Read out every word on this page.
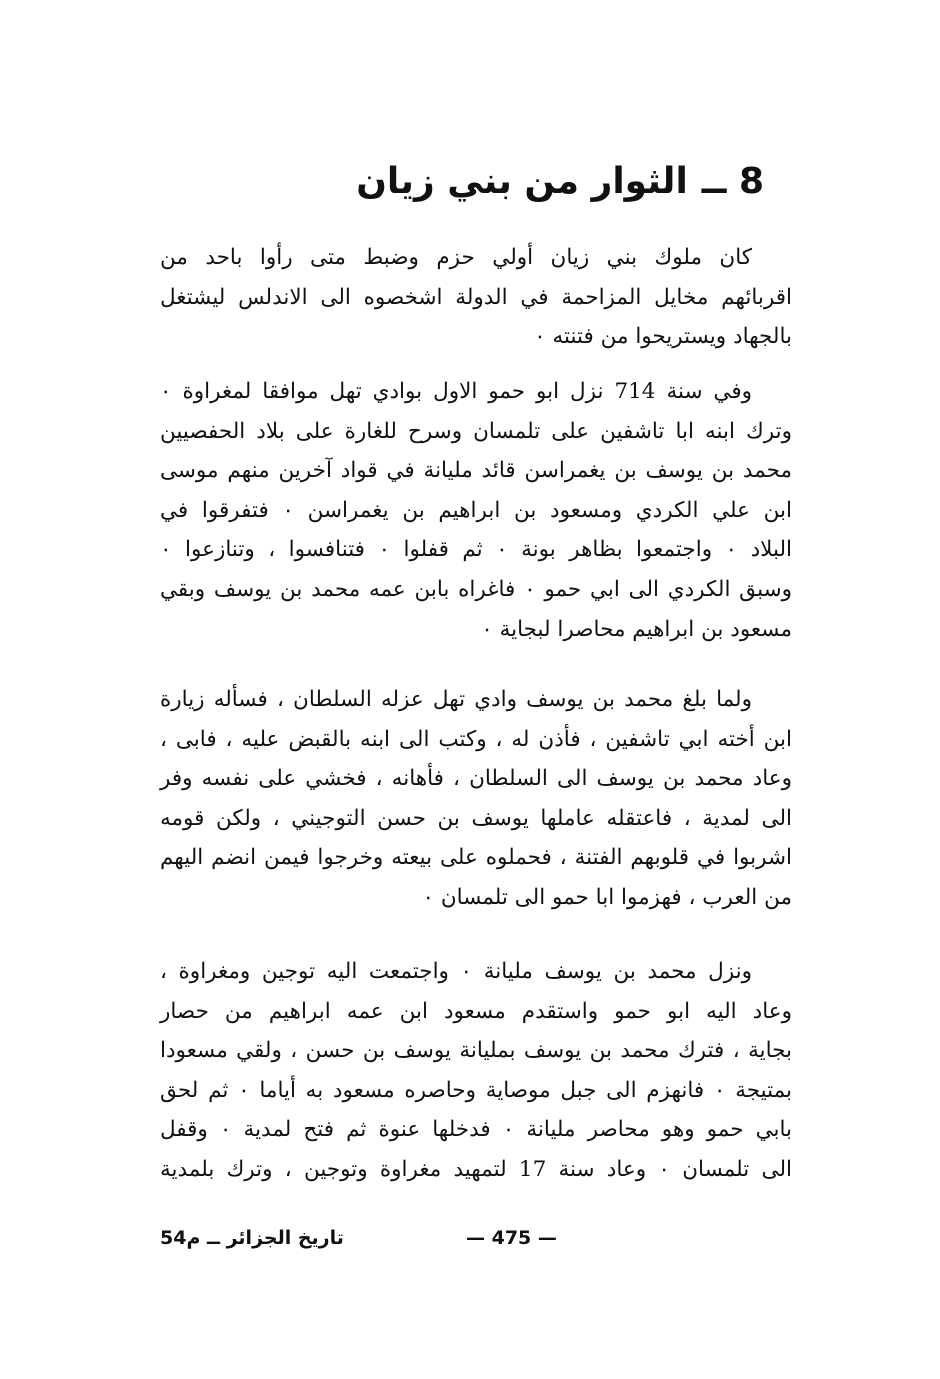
8 ــالثوار من بني زيان
كان ملوك بني زيان أولي حزم وضبط متى رأوا باحد من
اقربائهم مخايل المزاحمة في الدولة اشخصوه الى الاندلس ليشتغل
بالجهاد ويستريحوا من فتنته ٠
وفي سنة 714 نزل ابو حمو الاول بوادي تهل موافقا لمغراوة ٠
وترك ابنه ابا تاشفين على تلمسان وسرح للغارة على بلاد الحفصيين
محمد بن يوسف بن يغمراسن قائد مليانة في قواد آخرين منهم موسى
ابن علي الكردي ومسعود بن ابراهيم بن يغمراسن ٠ فتفرقوا في
البلاد ٠ واجتمعوا بظاهر بونة ٠ ثم قفلوا ٠ فتنافسوا ، وتنازعوا ٠
وسبق الكردي الى ابي حمو ٠ فاغراه بابن عمه محمد بن يوسف وبقي
مسعود بن ابراهيم محاصرا لبجاية ٠
ولما بلغ محمد بن يوسف وادي تهل عزله السلطان ، فسأله زيارة
ابن أخته ابي تاشفين ، فأذن له ، وكتب الى ابنه بالقبض عليه ، فابى ،
وعاد محمد بن يوسف الى السلطان ، فأهانه ، فخشي على نفسه وفر
الى لمدية ، فاعتقله عاملها يوسف بن حسن التوجيني ، ولكن قومه
اشربوا في قلوبهم الفتنة ، فحملوه على بيعته وخرجوا فيمن انضم اليهم
من العرب ، فهزموا ابا حمو الى تلمسان ٠
ونزل محمد بن يوسف مليانة ٠ واجتمعت اليه توجين ومغراوة ،
وعاد اليه ابو حمو واستقدم مسعود ابن عمه ابراهيم من حصار
بجاية ، فترك محمد بن يوسف بمليانة يوسف بن حسن ، ولقي مسعودا
بمتيجة ٠ فانهزم الى جبل موصاية وحاصره مسعود به أياما ٠ ثم لحق
بابي حمو وهو محاصر مليانة ٠ فدخلها عنوة ثم فتح لمدية ٠ وقفل
الى تلمسان ٠ وعاد سنة 17 لتمهيد مغراوة وتوجين ، وترك بلمدية
تاريخ الجزائر ــ م54	— 475 —
